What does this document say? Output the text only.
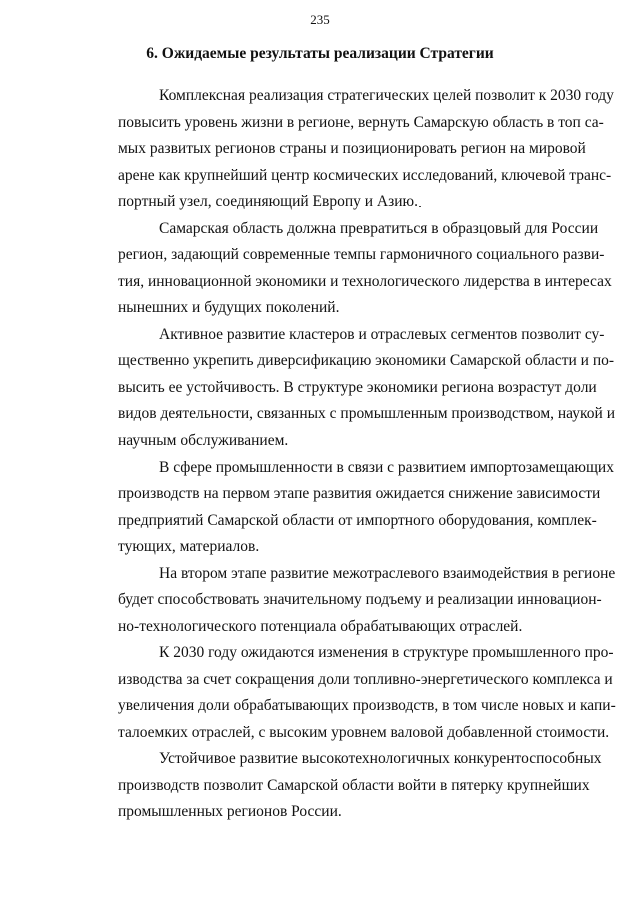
235
6. Ожидаемые результаты реализации Стратегии
Комплексная реализация стратегических целей позволит к 2030 году
повысить уровень жизни в регионе, вернуть Самарскую область в топ са-
мых развитых регионов страны и позиционировать регион на мировой
арене как крупнейший центр космических исследований, ключевой транс-
портный узел, соединяющий Европу и Азию.
Самарская область должна превратиться в образцовый для России
регион, задающий современные темпы гармоничного социального разви-
тия, инновационной экономики и технологического лидерства в интересах
нынешних и будущих поколений.
Активное развитие кластеров и отраслевых сегментов позволит су-
щественно укрепить диверсификацию экономики Самарской области и по-
высить ее устойчивость. В структуре экономики региона возрастут доли
видов деятельности, связанных с промышленным производством, наукой и
научным обслуживанием.
В сфере промышленности в связи с развитием импортозамещающих
производств на первом этапе развития ожидается снижение зависимости
предприятий Самарской области от импортного оборудования, комплек-
тующих, материалов.
На втором этапе развитие межотраслевого взаимодействия в регионе
будет способствовать значительному подъему и реализации инновацион-
но-технологического потенциала обрабатывающих отраслей.
К 2030 году ожидаются изменения в структуре промышленного про-
изводства за счет сокращения доли топливно-энергетического комплекса и
увеличения доли обрабатывающих производств, в том числе новых и капи-
талоемких отраслей, с высоким уровнем валовой добавленной стоимости.
Устойчивое развитие высокотехнологичных конкурентоспособных
производств позволит Самарской области войти в пятерку крупнейших
промышленных регионов России.
